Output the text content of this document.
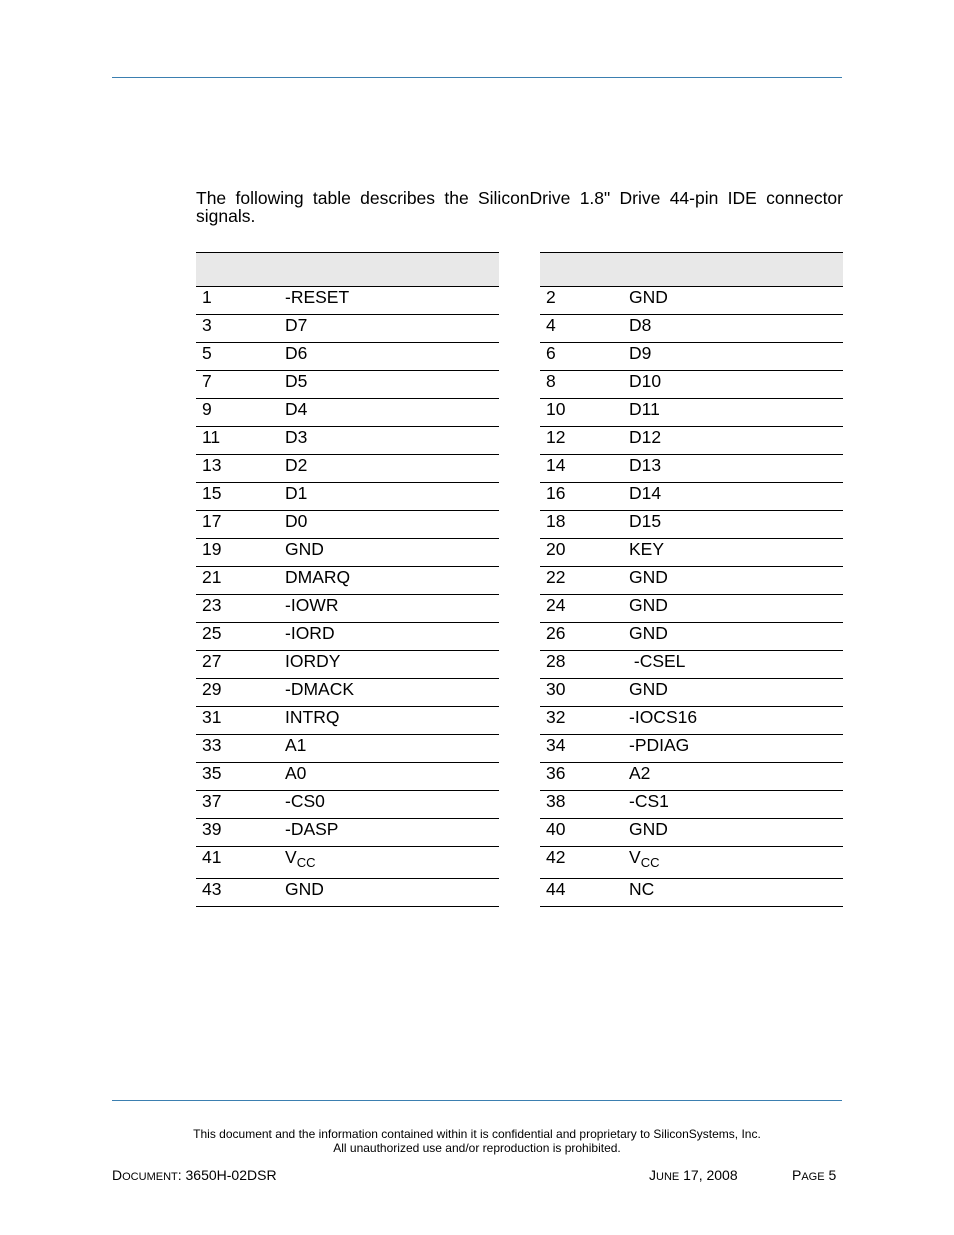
The following table describes the SiliconDrive 1.8" Drive 44-pin IDE connector signals.

1	-RESET
3	D7
5	D6
7	D5
9	D4
11	D3
13	D2
15	D1
17	D0
19	GND
21	DMARQ
23	-IOWR
25	-IORD
27	IORDY
29	-DMACK
31	INTRQ
33	A1
35	A0
37	-CS0
39	-DASP
41	$V_{CC}$
43	GND

2	GND
4	D8
6	D9
8	D10
10	D11
12	D12
14	D13
16	D14
18	D15
20	KEY
22	GND
24	GND
26	GND
28	-CSEL
30	GND
32	-IOCS16
34	-PDIAG
36	A2
38	-CS1
40	GND
42	$V_{CC}$
44	NC
This document and the information contained within it is confidential and proprietary to SiliconSystems, Inc.
All unauthorized use and/or reproduction is prohibited.
DOCUMENT: 3650H-02DSR	JUNE 17, 2008	PAGE 5
